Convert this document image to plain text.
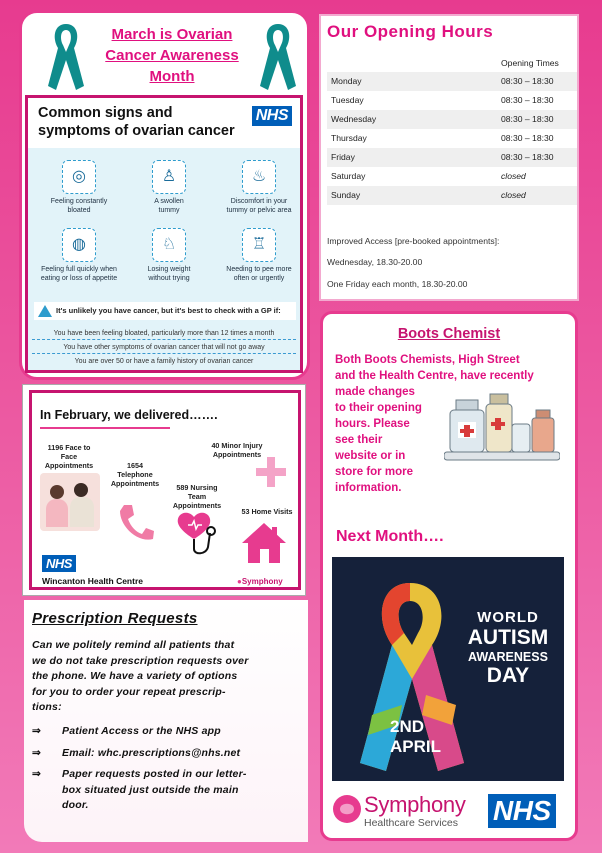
March is Ovarian
Cancer Awareness
Month
Common signs and
symptoms of ovarian cancer
NHS
◎
Feeling constantly
bloated
♙
A swollen
tummy
♨
Discomfort in your
tummy or pelvic area
◍
Feeling full quickly when
eating or loss of appetite
♘
Losing weight
without trying
♖
Needing to pee more
often or urgently
It's unlikely you have cancer, but it's best to check with a GP if:
You have been feeling bloated, particularly more than 12 times a month
You have other symptoms of ovarian cancer that will not go away
You are over 50 or have a family history of ovarian cancer
In February, we delivered…….
1196 Face to
Face
Appointments	1654
Telephone
Appointments
40 Minor Injury
Appointments
589 Nursing
Team
Appointments
53 Home Visits
NHS
Wincanton Health Centre	●Symphony
Prescription Requests
Can we politely remind all patients that
we do not take prescription requests over
the phone. We have a variety of options
for you to order your repeat prescrip-
tions:
⇒ Patient Access or the NHS app
⇒ Email: whc.prescriptions@nhs.net
⇒ Paper requests posted in our letter-
box situated just outside the main
door.
Our Opening Hours
Opening Times
Monday	08:30 – 18:30
Tuesday	08:30 – 18:30
Wednesday	08:30 – 18:30
Thursday	08:30 – 18:30
Friday	08:30 – 18:30
Saturday	closed
Sunday	closed
Improved Access [pre-booked appointments]:
Wednesday, 18.30-20.00
One Friday each month, 18.30-20.00
Boots Chemist
Both Boots Chemists, High Street
and the Health Centre, have recently
made changes
to their opening
hours. Please
see their
website or in
store for more
information.
Next Month….
WORLD
AUTISM
AWARENESS
DAY
2ND
APRIL
Symphony
Healthcare Services NHS
